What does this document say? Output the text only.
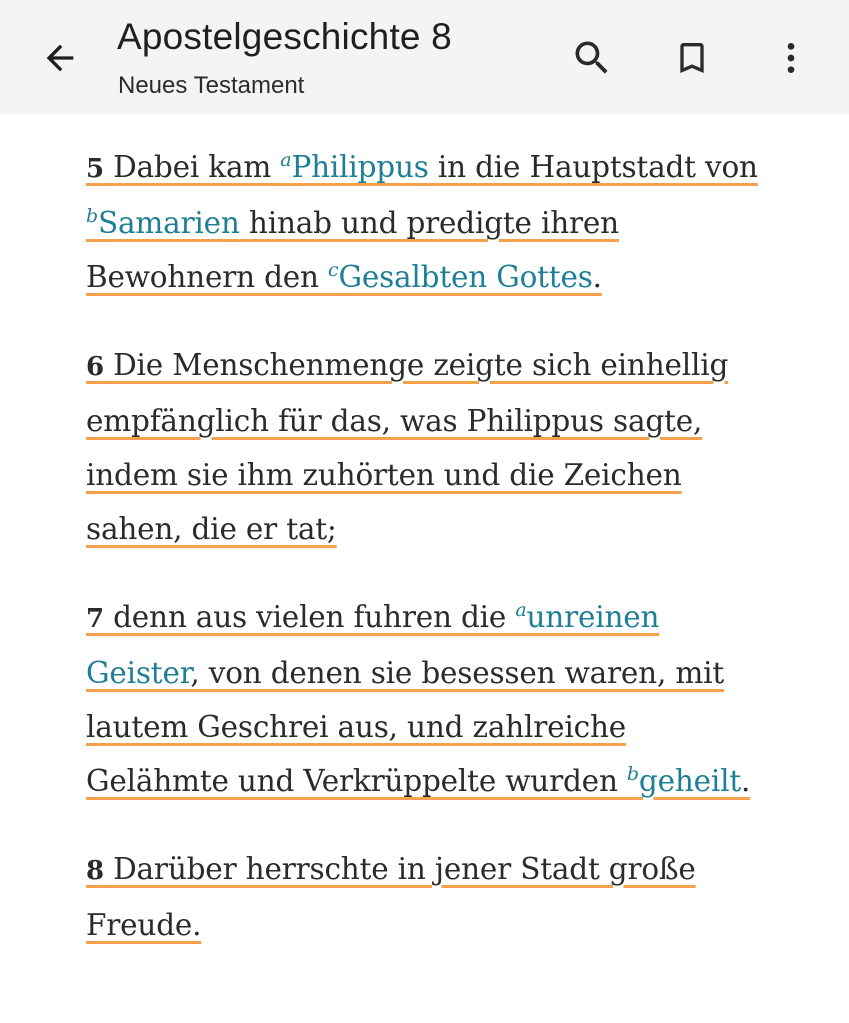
Apostelgeschichte 8
Neues Testament

5 Dabei kam $^a$Philippus in die Hauptstadt von $^b$Samarien hinab und predigte ihren Bewohnern den $^c$Gesalbten Gottes.

6 Die Menschenmenge zeigte sich einhellig empfänglich für das, was Philippus sagte, indem sie ihm zuhörten und die Zeichen sahen, die er tat;

7 denn aus vielen fuhren die $^a$unreinen Geister, von denen sie besessen waren, mit lautem Geschrei aus, und zahlreiche Gelähmte und Verkrüppelte wurden $^b$geheilt.

8 Darüber herrschte in jener Stadt große Freude.
